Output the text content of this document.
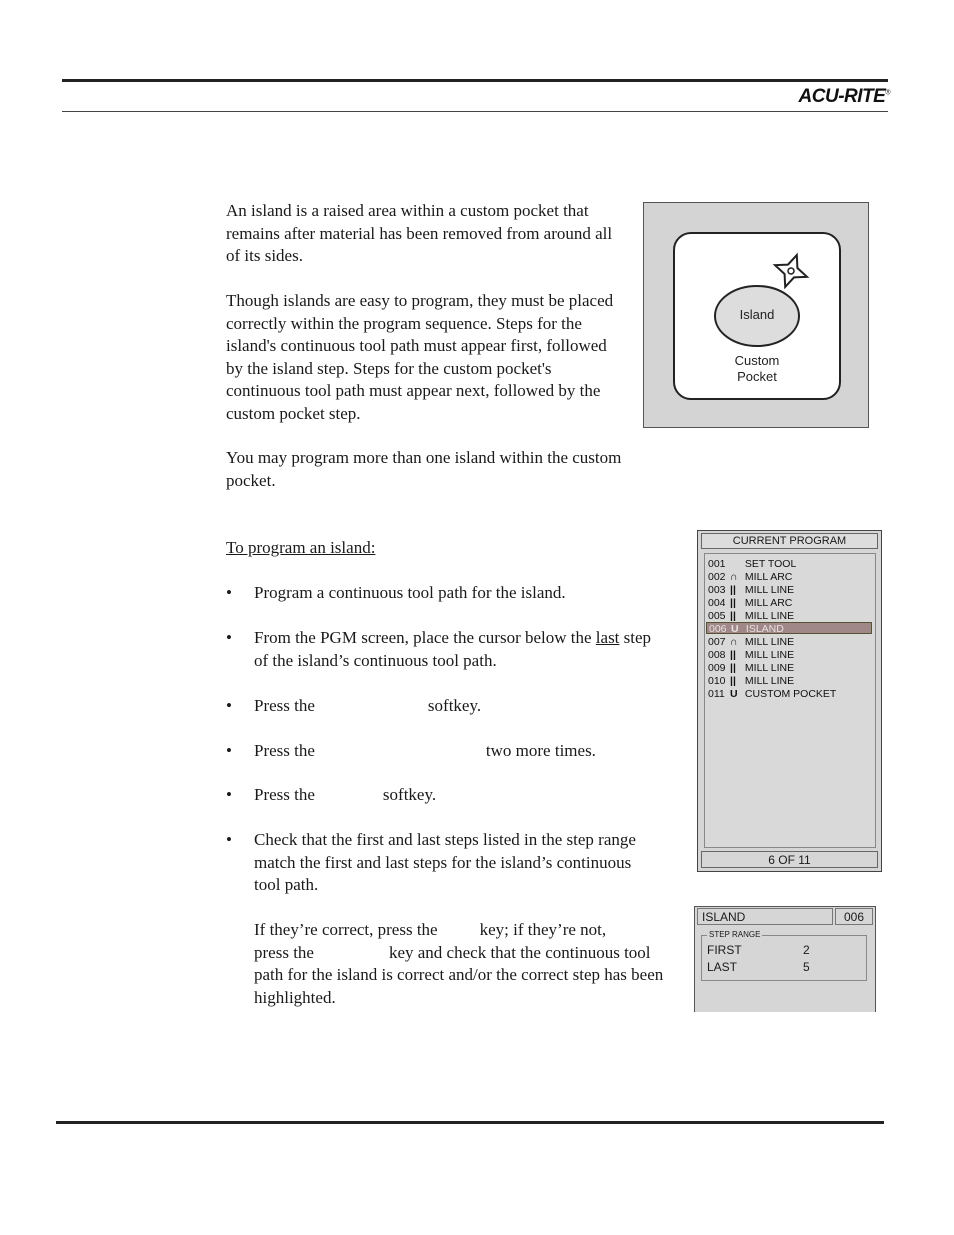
ACU-RITE®

An island is a raised area within a custom pocket that remains after material has been removed from around all of its sides.

Though islands are easy to program, they must be placed correctly within the program sequence. Steps for the island's continuous tool path must appear first, followed by the island step. Steps for the custom pocket's continuous tool path must appear next, followed by the custom pocket step.

You may program more than one island within the custom pocket.

To program an island:
• Program a continuous tool path for the island.
• From the PGM screen, place the cursor below the last step of the island’s continuous tool path.
• Press the	softkey.
• Press the	two more times.
• Press the	softkey.
• Check that the first and last steps listed in the step range match the first and last steps for the island’s continuous tool path.
If they’re correct, press the key; if they’re not,
press the	key and check that the continuous tool path for the island is correct and/or the correct step has been highlighted.
Island
Custom
Pocket
CURRENT PROGRAM
001 SET TOOL
002 ∩ MILL ARC
003 || MILL LINE
004 || MILL ARC
005 || MILL LINE
006 U ISLAND
007 ∩ MILL LINE
008 || MILL LINE
009 || MILL LINE
010 || MILL LINE
011 U CUSTOM POCKET
6 OF 11
ISLAND	006
STEP RANGE
FIRST	2
LAST	5
